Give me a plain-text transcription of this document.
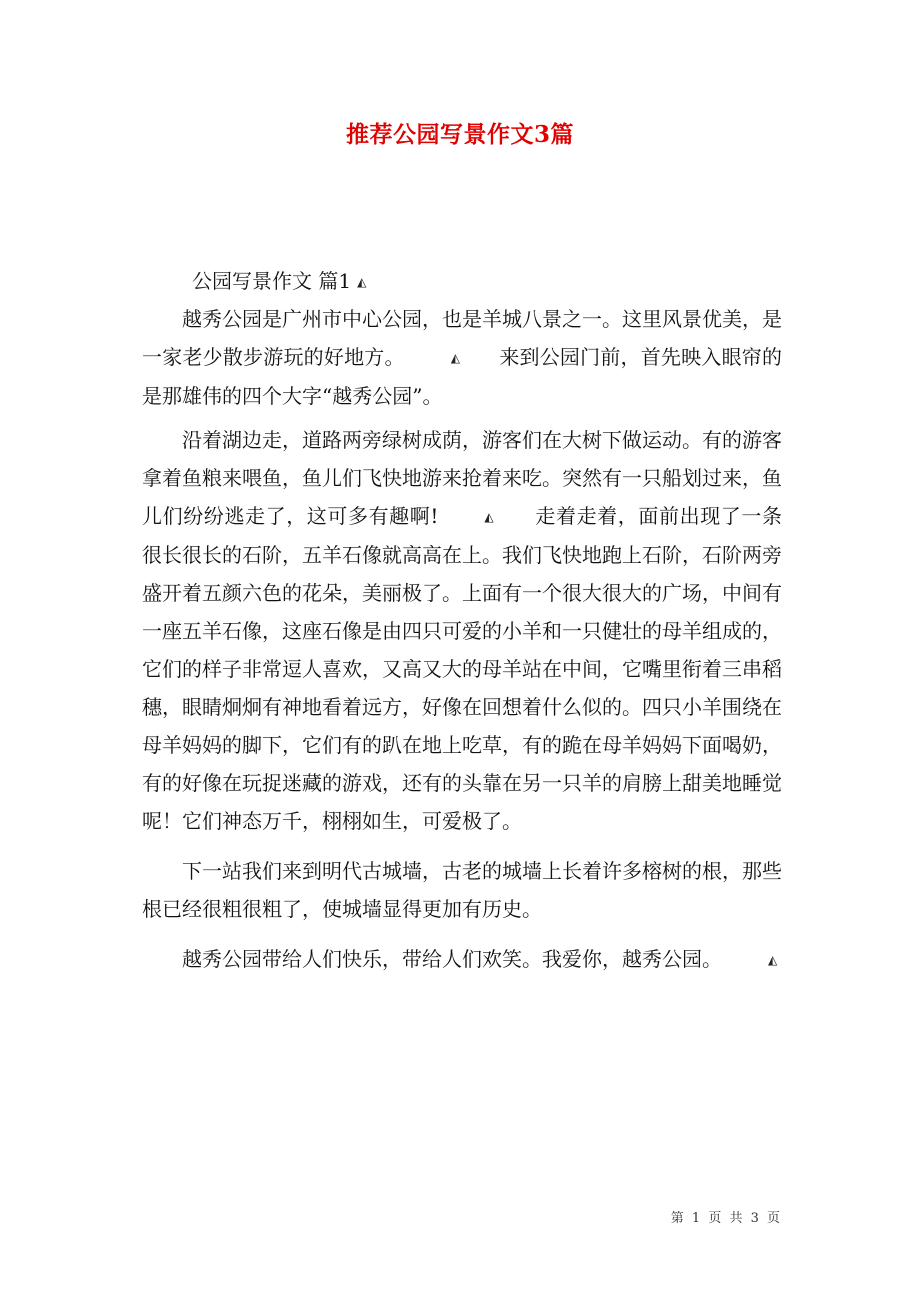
推荐公园写景作文3篇
公园写景作文 篇1 ◭

越秀公园是广州市中心公园，也是羊城八景之一。这里风景优美，是一家老少散步游玩的好地方。	◭ 来到公园门前，首先映入眼帘的是那雄伟的四个大字“越秀公园”。

沿着湖边走，道路两旁绿树成荫，游客们在大树下做运动。有的游客拿着鱼粮来喂鱼，鱼儿们飞快地游来抢着来吃。突然有一只船划过来，鱼儿们纷纷逃走了，这可多有趣啊!	◭ 走着走着，面前出现了一条很长很长的石阶，五羊石像就高高在上。我们飞快地跑上石阶，石阶两旁盛开着五颜六色的花朵，美丽极了。上面有一个很大很大的广场，中间有一座五羊石像，这座石像是由四只可爱的小羊和一只健壮的母羊组成的，它们的样子非常逗人喜欢，又高又大的母羊站在中间，它嘴里衔着三串稻穗，眼睛炯炯有神地看着远方，好像在回想着什么似的。四只小羊围绕在母羊妈妈的脚下，它们有的趴在地上吃草，有的跪在母羊妈妈下面喝奶，有的好像在玩捉迷藏的游戏，还有的头靠在另一只羊的肩膀上甜美地睡觉呢！它们神态万千，栩栩如生，可爱极了。

下一站我们来到明代古城墙，古老的城墙上长着许多榕树的根，那些根已经很粗很粗了，使城墙显得更加有历史。

越秀公园带给人们快乐，带给人们欢笑。我爱你，越秀公园。	◭

第 1 页 共 3 页
